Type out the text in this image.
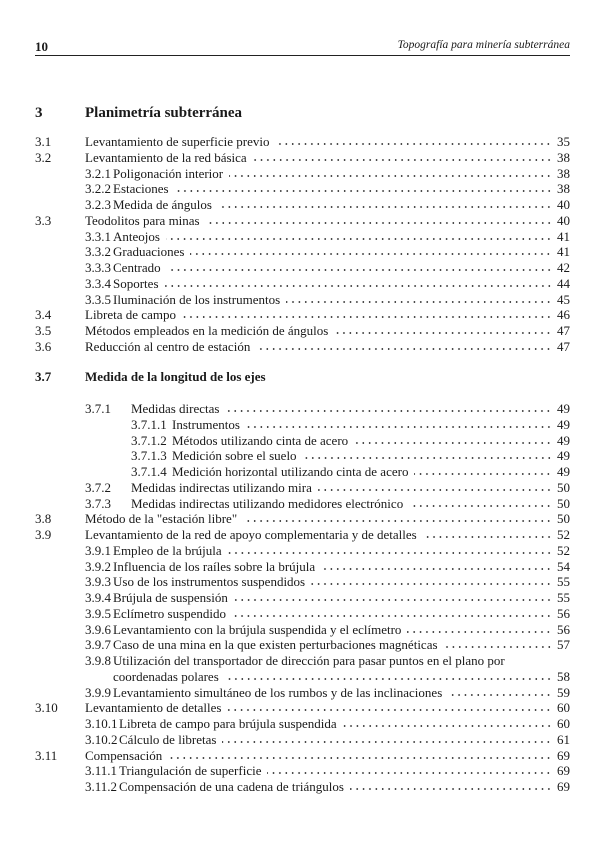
10	Topografía para minería subterránea
3	Planimetría subterránea
3.1	Levantamiento de superficie previo	35
3.2	Levantamiento de la red básica	38
3.2.1 Poligonación interior	38
3.2.2 Estaciones	38
3.2.3 Medida de ángulos	40
3.3	Teodolitos para minas	40
3.3.1 Anteojos	41
3.3.2 Graduaciones	41
3.3.3 Centrado	42
3.3.4 Soportes	44
3.3.5 Iluminación de los instrumentos	45
3.4	Libreta de campo	46
3.5	Métodos empleados en la medición de ángulos	47
3.6	Reducción al centro de estación	47
3.7	Medida de la longitud de los ejes
3.7.1 Medidas directas	49
3.7.1.1 Instrumentos	49
3.7.1.2 Métodos utilizando cinta de acero	49
3.7.1.3 Medición sobre el suelo	49
3.7.1.4 Medición horizontal utilizando cinta de acero	49
3.7.2 Medidas indirectas utilizando mira	50
3.7.3 Medidas indirectas utilizando medidores electrónico	50
3.8	Método de la "estación libre"	50
3.9	Levantamiento de la red de apoyo complementaria y de detalles	52
3.9.1 Empleo de la brújula	52
3.9.2 Influencia de los raíles sobre la brújula	54
3.9.3 Uso de los instrumentos suspendidos	55
3.9.4 Brújula de suspensión	55
3.9.5 Eclímetro suspendido	56
3.9.6 Levantamiento con la brújula suspendida y el eclímetro	56
3.9.7 Caso de una mina en la que existen perturbaciones magnéticas	57
3.9.8 Utilización del transportador de dirección para pasar puntos en el plano por
coordenadas polares	58
3.9.9 Levantamiento simultáneo de los rumbos y de las inclinaciones	59
3.10 Levantamiento de detalles	60
3.10.1 Libreta de campo para brújula suspendida	60
3.10.2 Cálculo de libretas	61
3.11 Compensación	69
3.11.1 Triangulación de superficie	69
3.11.2 Compensación de una cadena de triángulos	69
